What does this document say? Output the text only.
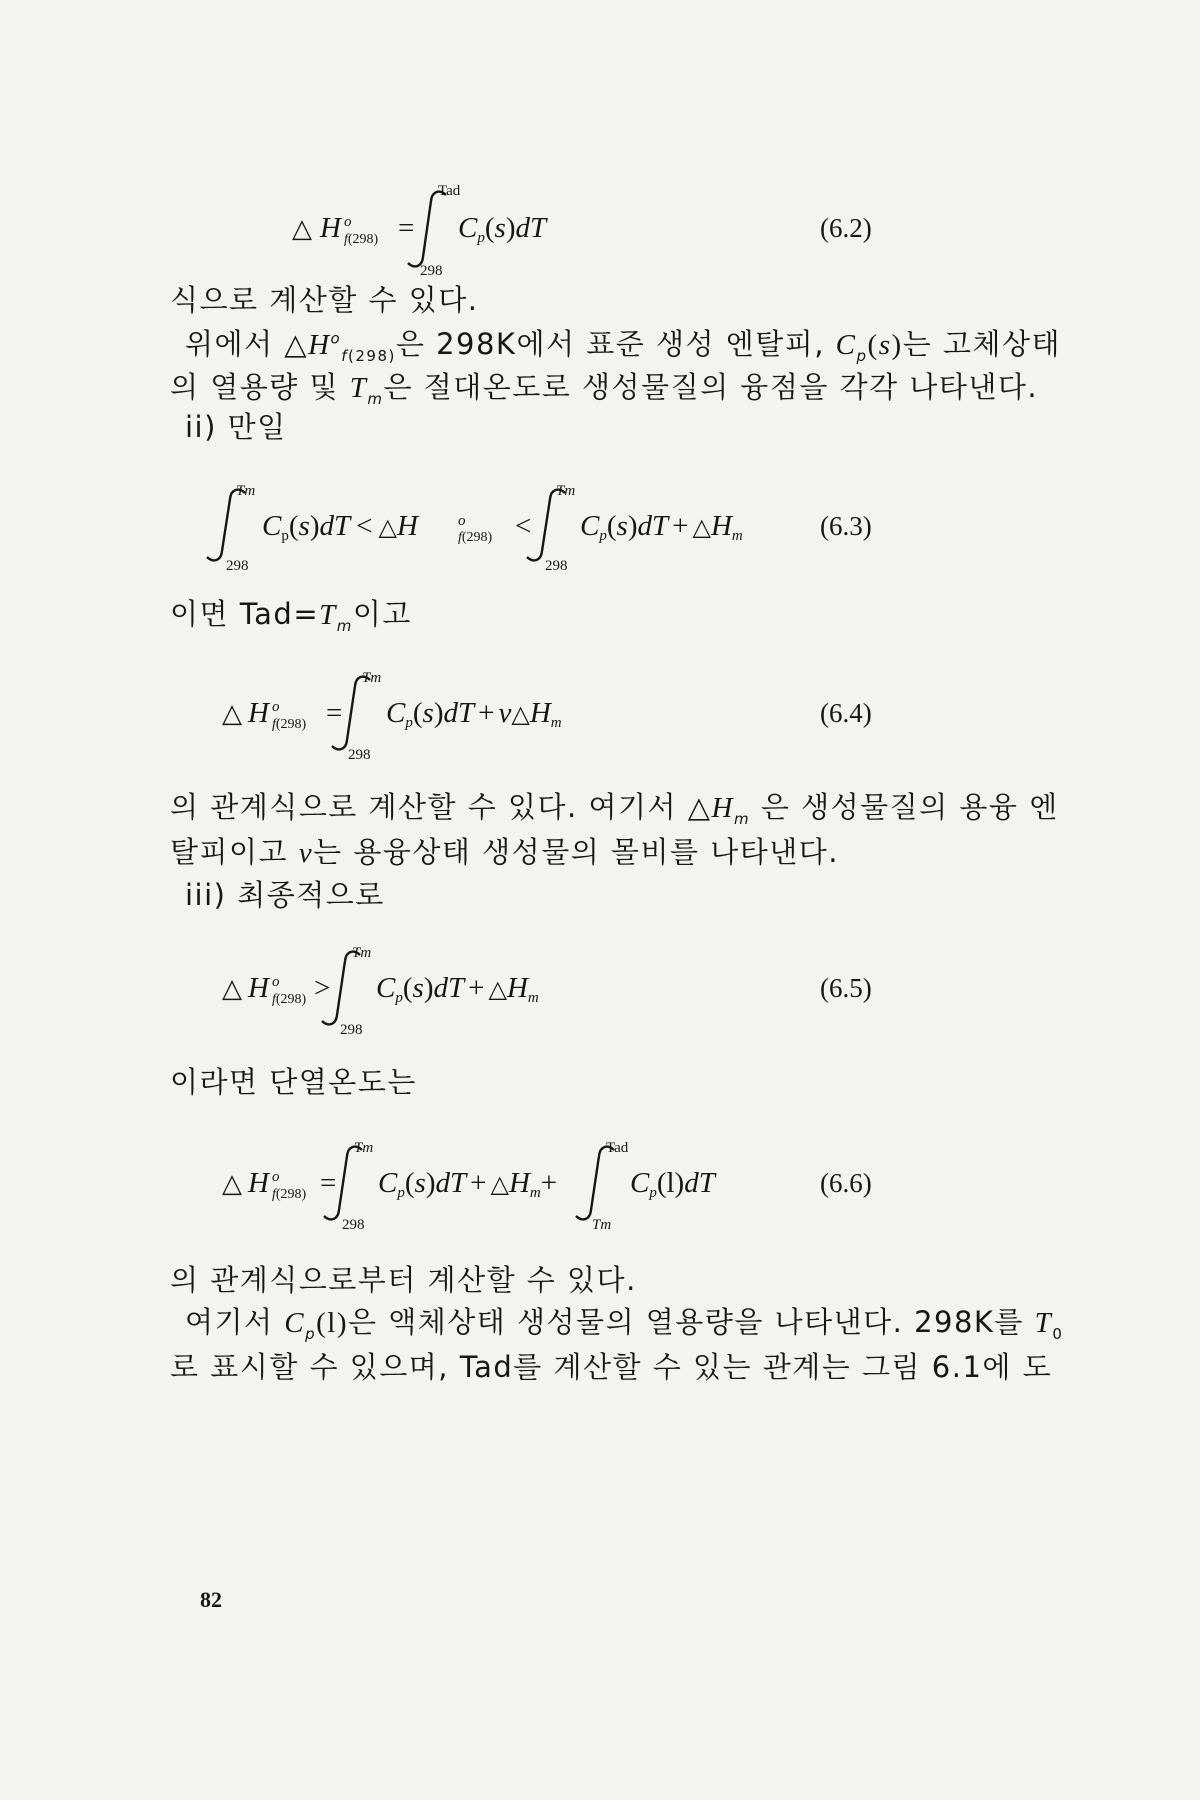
△ H o
f(298) =
Tad
298
Cp(s)dT	(6.2)

식으로 계산할 수 있다.

위에서 $\triangle H^o_{f(298)}$은 298K에서 표준 생성 엔탈피, $C_p(s)$는 고체상태

의 열용량 및 $T_m$은 절대온도로 생성물질의 융점을 각각 나타낸다.

ii) 만일

Tm
298
Cp(s)dT < △H	o
f(298) <
Tm
298
Cp(s)dT + △Hm	(6.3)

이면 $Tad=T_m$이고

△ H o
f(298) =
Tm
298
Cp(s)dT + ν△Hm	(6.4)

의 관계식으로 계산할 수 있다. 여기서 $\triangle H_m$ 은 생성물질의 용융 엔

탈피이고 ν는 용융상태 생성물의 몰비를 나타낸다.

iii) 최종적으로

△ H o
f(298) >
Tm
298
Cp(s)dT + △Hm	(6.5)

이라면 단열온도는

△ H o
f(298) =
Tm
298
Cp(s)dT + △Hm+
Tad
Tm
Cp(l)dT	(6.6)

의 관계식으로부터 계산할 수 있다.

여기서 $C_p(l)$은 액체상태 생성물의 열용량을 나타낸다. 298K를 $T_0$

로 표시할 수 있으며, Tad를 계산할 수 있는 관계는 그림 6.1에 도

82
